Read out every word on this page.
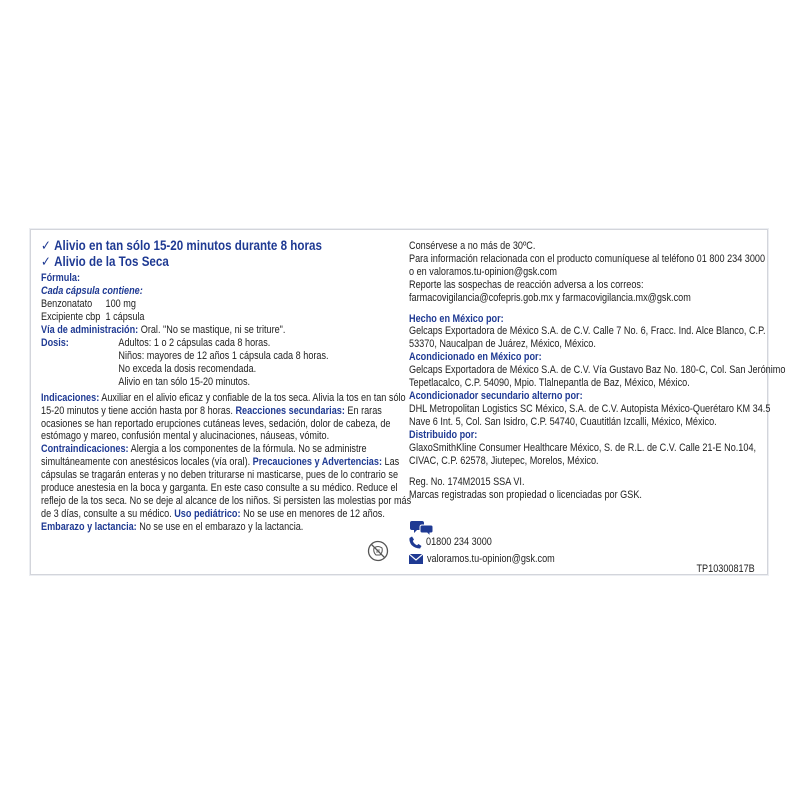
✓ Alivio en tan sólo 15-20 minutos durante 8 horas
✓ Alivio de la Tos Seca
Fórmula:
Cada cápsula contiene:
Benzonatato 100 mg
Excipiente cbp 1 cápsula
Vía de administración: Oral. "No se mastique, ni se triture".
Dosis:	Adultos: 1 o 2 cápsulas cada 8 horas.
Niños: mayores de 12 años 1 cápsula cada 8 horas.
No exceda la dosis recomendada.
Alivio en tan sólo 15-20 minutos.
Indicaciones: Auxiliar en el alivio eficaz y confiable de la tos seca. Alivia la tos en tan sólo
15-20 minutos y tiene acción hasta por 8 horas. Reacciones secundarias: En raras
ocasiones se han reportado erupciones cutáneas leves, sedación, dolor de cabeza, de
estómago y mareo, confusión mental y alucinaciones, náuseas, vómito.
Contraindicaciones: Alergia a los componentes de la fórmula. No se administre
simultáneamente con anestésicos locales (vía oral). Precauciones y Advertencias: Las
cápsulas se tragarán enteras y no deben triturarse ni masticarse, pues de lo contrario se
produce anestesia en la boca y garganta. En este caso consulte a su médico. Reduce el
reflejo de la tos seca. No se deje al alcance de los niños. Si persisten las molestias por más
de 3 días, consulte a su médico. Uso pediátrico: No se use en menores de 12 años.
Embarazo y lactancia: No se use en el embarazo y la lactancia.
Consérvese a no más de 30ºC.
Para información relacionada con el producto comuníquese al teléfono 01 800 234 3000
o en valoramos.tu-opinion@gsk.com
Reporte las sospechas de reacción adversa a los correos:
farmacovigilancia@cofepris.gob.mx y farmacovigilancia.mx@gsk.com
Hecho en México por:
Gelcaps Exportadora de México S.A. de C.V. Calle 7 No. 6, Fracc. Ind. Alce Blanco, C.P.
53370, Naucalpan de Juárez, México, México.
Acondicionado en México por:
Gelcaps Exportadora de México S.A. de C.V. Vía Gustavo Baz No. 180-C, Col. San Jerónimo
Tepetlacalco, C.P. 54090, Mpio. Tlalnepantla de Baz, México, México.
Acondicionador secundario alterno por:
DHL Metropolitan Logistics SC México, S.A. de C.V. Autopista México-Querétaro KM 34.5
Nave 6 Int. 5, Col. San Isidro, C.P. 54740, Cuautitlán Izcalli, México, México.
Distribuido por:
GlaxoSmithKline Consumer Healthcare México, S. de R.L. de C.V. Calle 21-E No.104,
CIVAC, C.P. 62578, Jiutepec, Morelos, México.
Reg. No. 174M2015 SSA VI.
Marcas registradas son propiedad o licenciadas por GSK.
01800 234 3000
valoramos.tu-opinion@gsk.com
TP10300817B
